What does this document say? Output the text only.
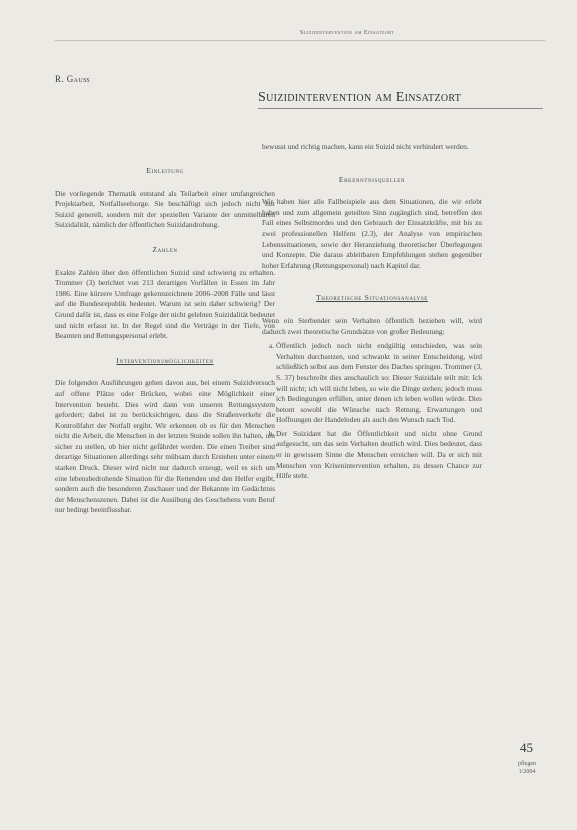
Suizidintervention am Einsatzort
R. Gauß
Suizidintervention am Einsatzort
Einleitung

Die vorliegende Thematik entstand als Teilarbeit einer umfangreichen Projektarbeit, Notfallseelsorge. Sie beschäftigt sich jedoch nicht mit Suizid generell, sondern mit der speziellen Variante der unmittelbaren Suizidalität, nämlich der öffentlichen Suizidandrohung.

Zahlen

Exakte Zahlen über den öffentlichen Suizid sind schwierig zu erhalten. Trommer (3) berichtet von 213 derartigen Vorfällen in Essen im Jahr 1986. Eine kürzere Umfrage gekennzeichnete 2006–2008 Fälle und lässt auf die Bundesrepublik bedeutet. Warum ist sein daher schwierig? Der Grund dafür ist, dass es eine Folge der nicht gelebten Suizidalität bedeutet und nicht erfasst ist. In der Regel sind die Verträge in der Tiefe, von Beamten und Rettungspersonal erlebt.

Interventionsmöglichkeiten

Die folgenden Ausführungen gehen davon aus, bei einem Suizidversuch auf offene Plätze oder Brücken, wobei eine Möglichkeit einer Intervention besteht. Dies wird dann von unseren Rettungssystem gefordert; dabei ist zu berücksichtigen, dass die Straßenverkehr die Kontrollfahrt der Notfall ergibt. Wir erkennen ob es für den Menschen nicht die Arbeit, die Menschen in der letzten Stunde sollen ihn halten, um sicher zu stellen, ob hier nicht gefährdet werden. Die einen Treiber sind derartige Situationen allerdings sehr mühsam durch Erstehen unter einem starken Druck. Dieser wird nicht nur dadurch erzeugt, weil es sich um eine lebensbedrohende Situation für die Rettenden und den Helfer ergibt, sondern auch die besonderen Zuschauer und der Bekannte im Gedächtnis der Menschenszenen. Dabei ist die Ausübung des Geschehens vom Beruf nur bedingt beeinflussbar.

bewusst und richtig machen, kann ein Suizid nicht verhindert werden.

Erkenntnisquellen

Wir haben hier alle Fallbeispiele aus dem Situationen, die wir erlebt haben und zum allgemein geteilten Sinn zugänglich sind, betreffen den Fall eines Selbstmordes und den Gebrauch der Einsatzkräfte, mit bis zu zwei professionellen Helfern (2.3), der Analyse von empirischen Lebenssituationen, sowie der Heranziehung theoretischer Überlegungen und Konzepte. Die daraus ableitbaren Empfehlungen stehen gegenüber hoher Erfahrung (Rettungspersonal) nach Kapitel dar.

Theoretische Situationsanalyse

Wenn ein Sterbender sein Verhalten öffentlich beziehen will, wird dadurch zwei theoretische Grundsätze von großer Bedeutung:

a. Öffentlich jedoch noch nicht endgültig entschieden, was sein Verhalten durchsetzen, und schwankt in seiner Entscheidung, wird schließlich selbst aus dem Fenster des Daches springen. Trommer (3, S. 37) beschreibt dies anschaulich so: Dieser Suizidale teilt mit: Ich will nicht; ich will nicht leben, so wie die Dinge stehen; jedoch muss ich Bedingungen erfüllen, unter denen ich leben wollen würde. Dies betont sowohl die Wünsche nach Rettung, Erwartungen und Hoffnungen der Handelnden als auch den Wunsch nach Tod.
b. Der Suizidant hat die Öffentlichkeit und nicht ohne Grund aufgesucht, um das sein Verhalten deutlich wird. Dies bedeutet, dass er in gewissem Sinne die Menschen erreichen will. Da er sich mit Menschen von Krisenintervention erhalten, zu dessen Chance zur Hilfe steht.
45
pflegen
1/2004
